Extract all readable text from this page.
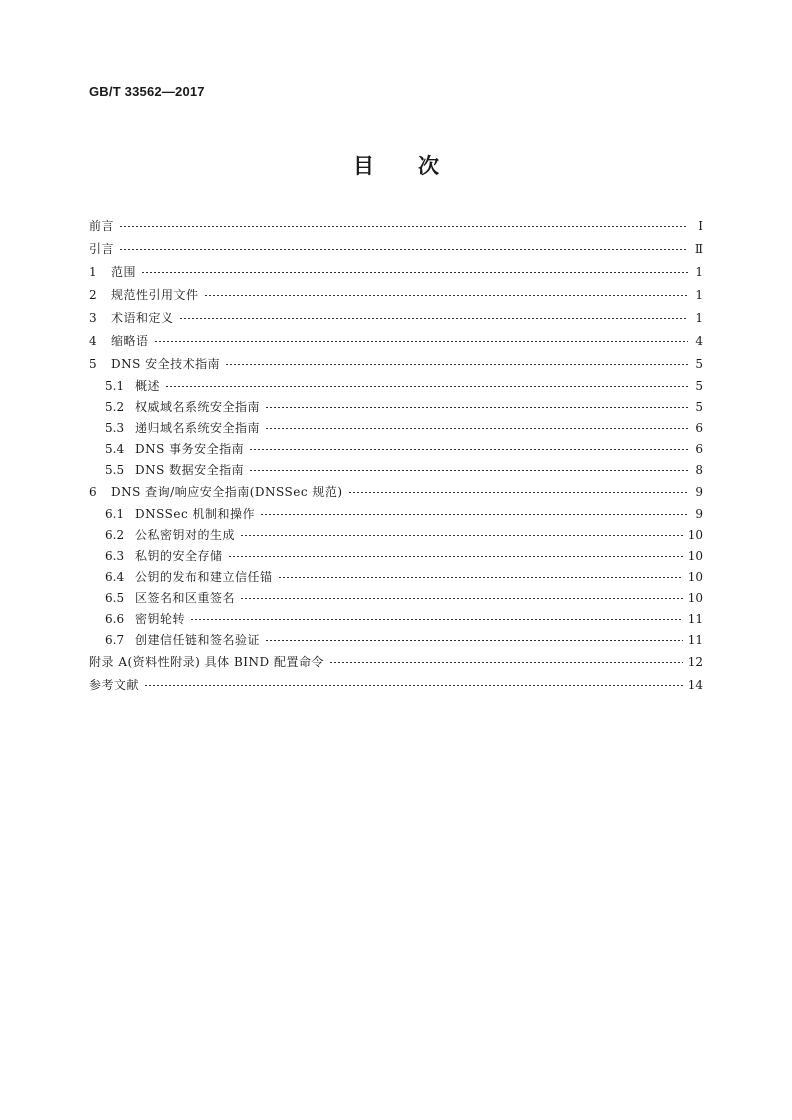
GB/T 33562—2017
目 次
前言	Ⅰ
引言	Ⅱ
1	范围	1
2	规范性引用文件	1
3	术语和定义	1
4	缩略语	4
5	DNS 安全技术指南	5
5.1 概述	5
5.2 权威域名系统安全指南	5
5.3 递归域名系统安全指南	6
5.4 DNS 事务安全指南	6
5.5 DNS 数据安全指南	8
6	DNS 查询/响应安全指南(DNSSec 规范)	9
6.1 DNSSec 机制和操作	9
6.2 公私密钥对的生成	10
6.3 私钥的安全存储	10
6.4 公钥的发布和建立信任锚	10
6.5 区签名和区重签名	10
6.6 密钥轮转	11
6.7 创建信任链和签名验证	11
附录 A(资料性附录) 具体 BIND 配置命令	12
参考文献	14
